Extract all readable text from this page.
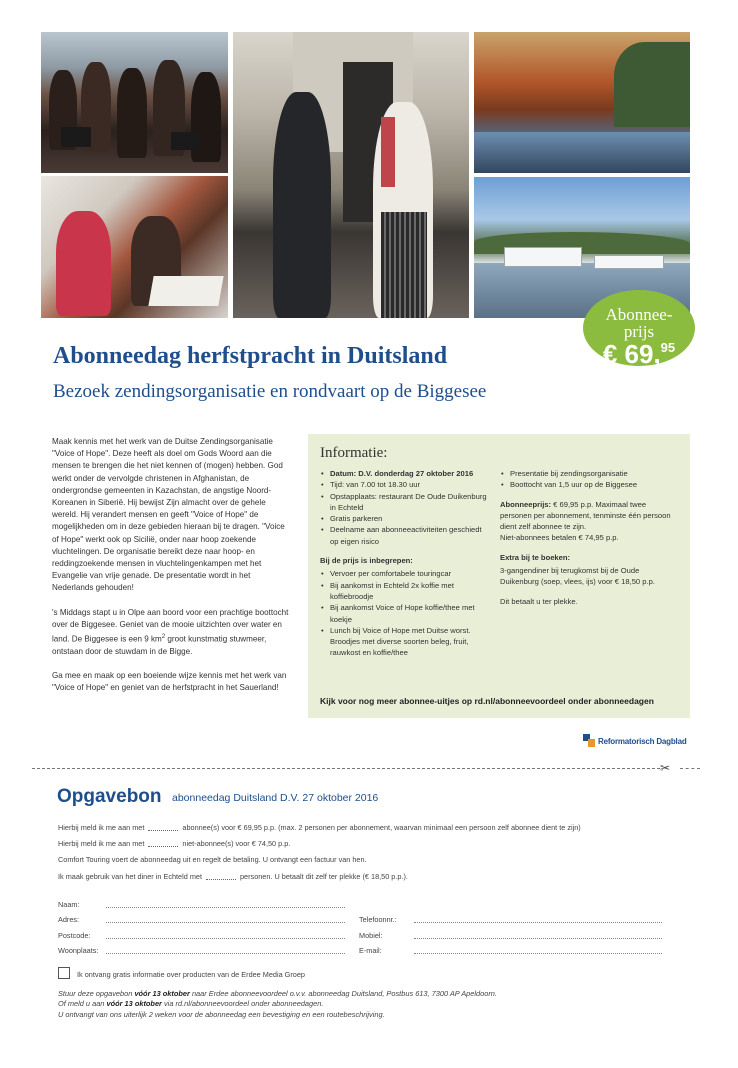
Abonnee-
prijs
€ 69,95
Abonneedag herfstpracht in Duitsland
Bezoek zendingsorganisatie en rondvaart op de Biggesee

Maak kennis met het werk van de Duitse Zendingsorganisatie "Voice of Hope". Deze heeft als doel om Gods Woord aan die mensen te brengen die het niet kennen of (mogen) hebben. God werkt onder de vervolgde christenen in Afghanistan, de ondergrondse gemeenten in Kazachstan, de angstige Noord-Koreanen in Siberië. Hij bewijst Zijn almacht over de gehele wereld. Hij verandert mensen en geeft "Voice of Hope" de mogelijkheden om in deze gebieden hieraan bij te dragen. "Voice of Hope" werkt ook op Sicilië, onder naar hoop zoekende vluchtelingen. De organisatie bereikt deze naar hoop- en reddingzoekende mensen in vluchtelingenkampen met het Evangelie van vrije genade. De presentatie wordt in het Nederlands gehouden!

's Middags stapt u in Olpe aan boord voor een prachtige boottocht over de Biggesee. Geniet van de mooie uitzichten over water en land. De Biggesee is een 9 $km^2$ groot kunstmatig stuwmeer, ontstaan door de stuwdam in de Bigge.

Ga mee en maak op een boeiende wijze kennis met het werk van "Voice of Hope" en geniet van de herfstpracht in het Sauerland!

Informatie:
• Datum: D.V. donderdag 27 oktober 2016
• Tijd: van 7.00 tot 18.30 uur
• Opstapplaats: restaurant De Oude Duikenburg in Echteld
• Gratis parkeren
• Deelname aan abonneeactiviteiten geschiedt op eigen risico
Bij de prijs is inbegrepen:
• Vervoer per comfortabele touringcar
• Bij aankomst in Echteld 2x koffie met koffiebroodje
• Bij aankomst Voice of Hope koffie/thee met koekje
• Lunch bij Voice of Hope met Duitse worst. Broodjes met diverse soorten beleg, fruit, rauwkost en koffie/thee
• Presentatie bij zendingsorganisatie
• Boottocht van 1,5 uur op de Biggesee

Abonneeprijs: € 69,95 p.p. Maximaal twee personen per abonnement, tenminste één persoon dient zelf abonnee te zijn.
Niet-abonnees betalen € 74,95 p.p.

Extra bij te boeken:
3-gangendiner bij terugkomst bij de Oude Duikenburg (soep, vlees, ijs) voor € 18,50 p.p.
Dit betaalt u ter plekke.
Kijk voor nog meer abonnee-uitjes op rd.nl/abonneevoordeel onder abonneedagen
Reformatorisch Dagblad
✂
Opgavebon abonneedag Duitsland D.V. 27 oktober 2016
Hierbij meld ik me aan met	abonnee(s) voor € 69,95 p.p. (max. 2 personen per abonnement, waarvan minimaal een persoon zelf abonnee dient te zijn)
Hierbij meld ik me aan met	niet-abonnee(s) voor € 74,50 p.p.
Comfort Touring voert de abonneedag uit en regelt de betaling. U ontvangt een factuur van hen.
Ik maak gebruik van het diner in Echteld met	personen. U betaalt dit zelf ter plekke (€ 18,50 p.p.).
Naam:
Adres:
Postcode:
Woonplaats:
Telefoonnr.:
Mobiel:
E-mail:
Ik ontvang gratis informatie over producten van de Erdee Media Groep
Stuur deze opgavebon vóór 13 oktober naar Erdee abonneevoordeel o.v.v. abonneedag Duitsland, Postbus 613, 7300 AP Apeldoorn.
Of meld u aan vóór 13 oktober via rd.nl/abonneevoordeel onder abonneedagen.
U ontvangt van ons uiterlijk 2 weken voor de abonneedag een bevestiging en een routebeschrijving.
